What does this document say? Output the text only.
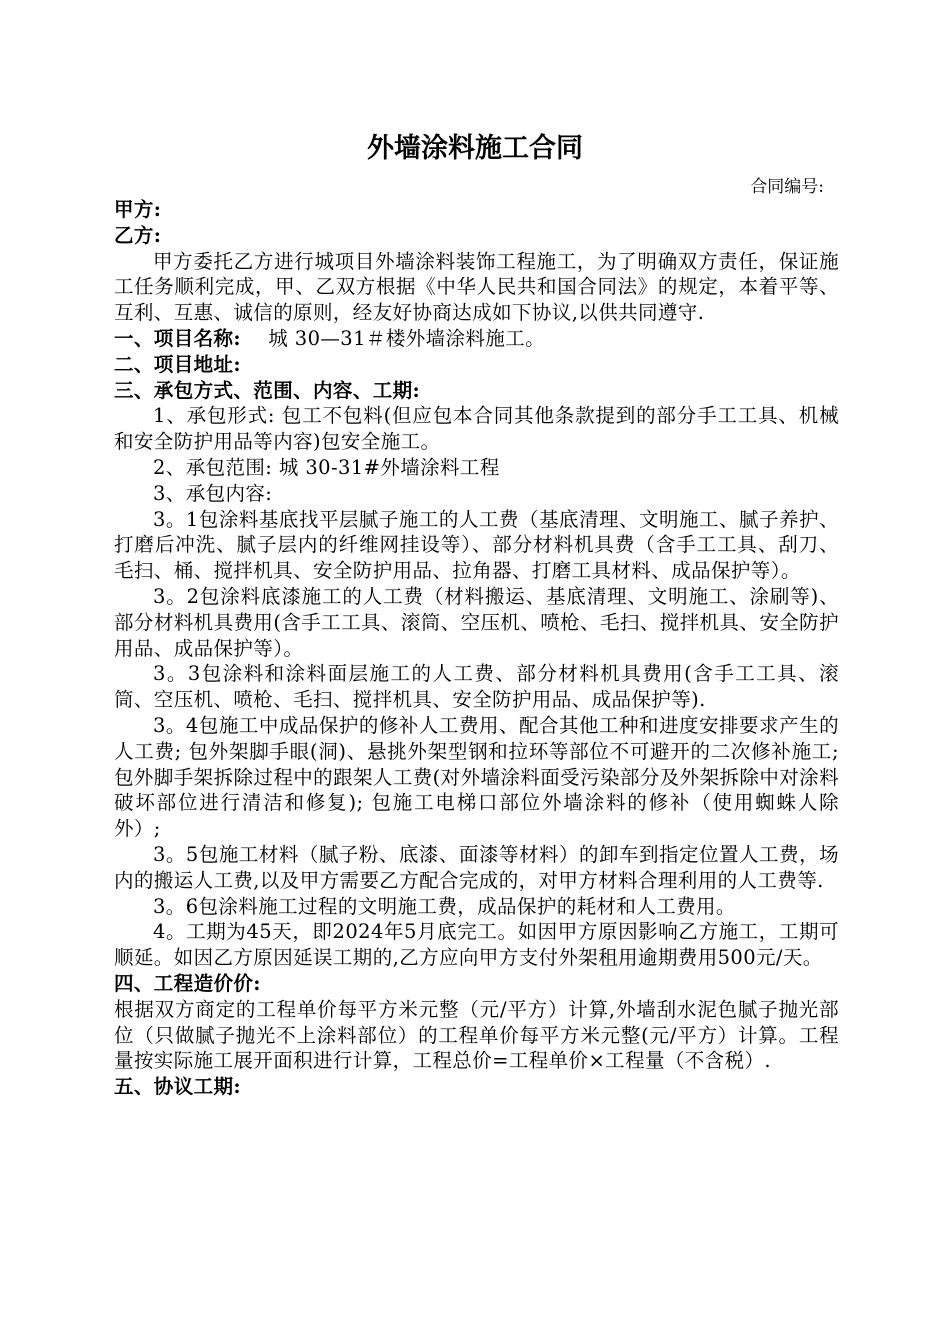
外墙涂料施工合同
合同编号:

甲方:

乙方:

甲方委托乙方进行城项目外墙涂料装饰工程施工，为了明确双方责任，保证施工任务顺利完成，甲、乙双方根据《中华人民共和国合同法》的规定，本着平等、互利、互惠、诚信的原则，经友好协商达成如下协议,以供共同遵守.

一、项目名称: 城 30—31＃楼外墙涂料施工。

二、项目地址:

三、承包方式、范围、内容、工期:

1、承包形式: 包工不包料(但应包本合同其他条款提到的部分手工工具、机械和安全防护用品等内容)包安全施工。

2、承包范围: 城 30-31#外墙涂料工程

3、承包内容:

3。1包涂料基底找平层腻子施工的人工费（基底清理、文明施工、腻子养护、打磨后冲洗、腻子层内的纤维网挂设等）、部分材料机具费（含手工工具、刮刀、毛扫、桶、搅拌机具、安全防护用品、拉角器、打磨工具材料、成品保护等）。

3。2包涂料底漆施工的人工费（材料搬运、基底清理、文明施工、涂刷等)、部分材料机具费用(含手工工具、滚筒、空压机、喷枪、毛扫、搅拌机具、安全防护用品、成品保护等）。

3。3包涂料和涂料面层施工的人工费、部分材料机具费用(含手工工具、滚筒、空压机、喷枪、毛扫、搅拌机具、安全防护用品、成品保护等).

3。4包施工中成品保护的修补人工费用、配合其他工种和进度安排要求产生的人工费; 包外架脚手眼(洞)、悬挑外架型钢和拉环等部位不可避开的二次修补施工; 包外脚手架拆除过程中的跟架人工费(对外墙涂料面受污染部分及外架拆除中对涂料破坏部位进行清洁和修复); 包施工电梯口部位外墙涂料的修补（使用蜘蛛人除外）;

3。5包施工材料（腻子粉、底漆、面漆等材料）的卸车到指定位置人工费，场内的搬运人工费,以及甲方需要乙方配合完成的，对甲方材料合理利用的人工费等.

3。6包涂料施工过程的文明施工费，成品保护的耗材和人工费用。

4。工期为45天，即2024年5月底完工。如因甲方原因影响乙方施工，工期可顺延。如因乙方原因延误工期的,乙方应向甲方支付外架租用逾期费用500元/天。

四、工程造价价:

根据双方商定的工程单价每平方米元整（元/平方）计算,外墙刮水泥色腻子抛光部位（只做腻子抛光不上涂料部位）的工程单价每平方米元整(元/平方）计算。工程量按实际施工展开面积进行计算，工程总价=工程单价×工程量（不含税）.

五、协议工期:
